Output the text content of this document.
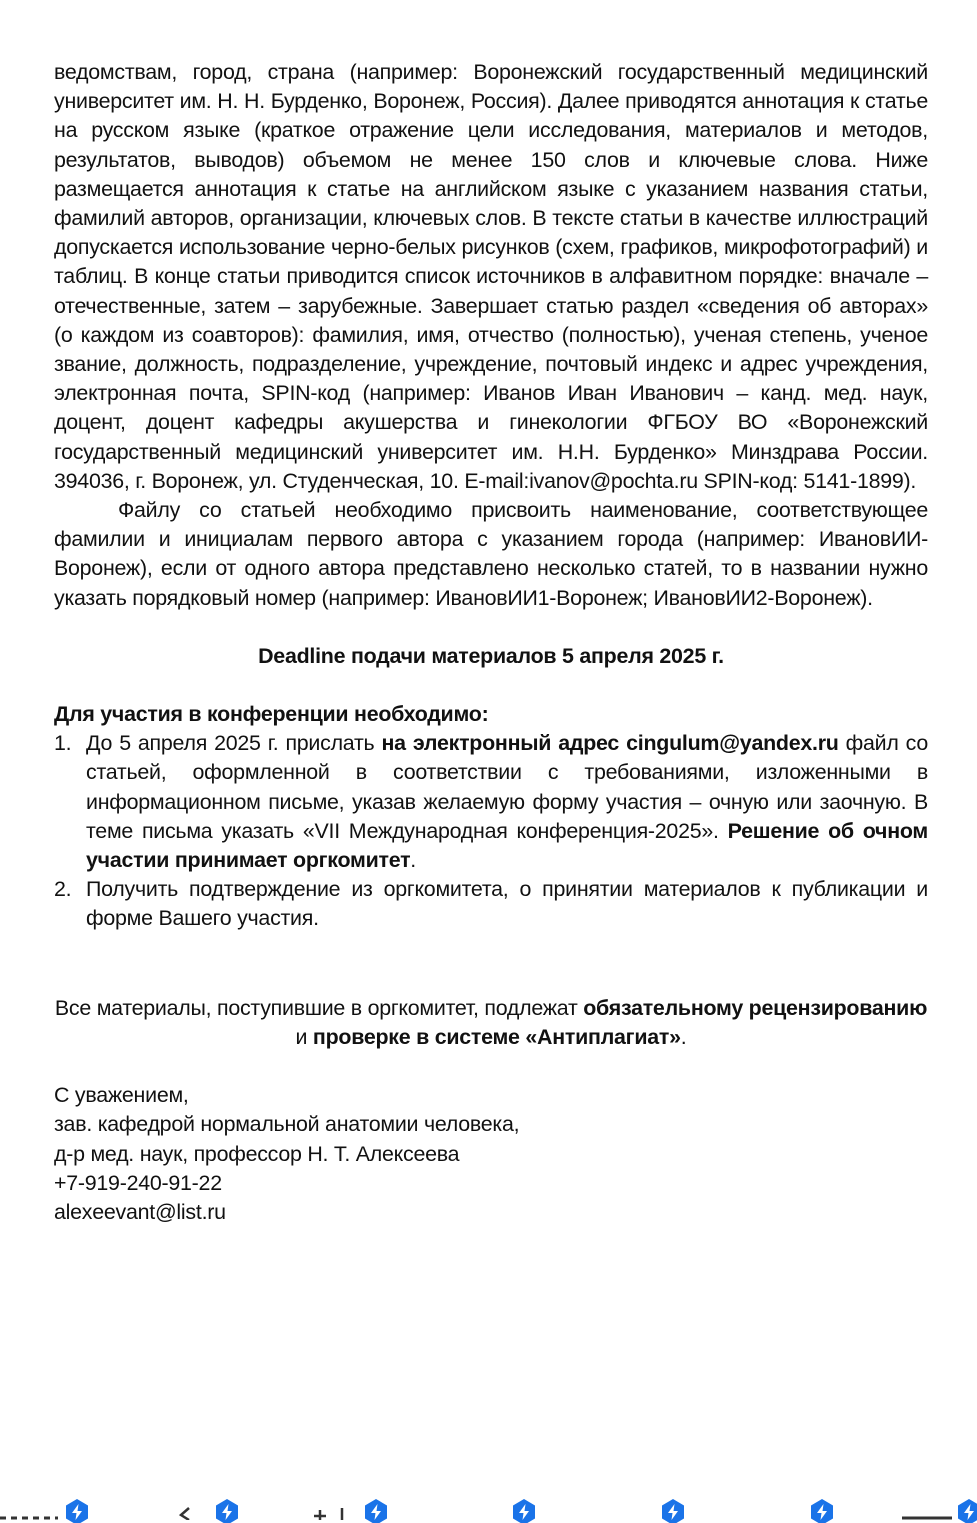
ведомствам, город, страна (например: Воронежский государственный медицинский университет им. Н. Н. Бурденко, Воронеж, Россия). Далее приводятся аннотация к статье на русском языке (краткое отражение цели исследования, материалов и методов, результатов, выводов) объемом не менее 150 слов и ключевые слова. Ниже размещается аннотация к статье на английском языке с указанием названия статьи, фамилий авторов, организации, ключевых слов. В тексте статьи в качестве иллюстраций допускается использование черно-белых рисунков (схем, графиков, микрофотографий) и таблиц. В конце статьи приводится список источников в алфавитном порядке: вначале – отечественные, затем – зарубежные. Завершает статью раздел «сведения об авторах» (о каждом из соавторов): фамилия, имя, отчество (полностью), ученая степень, ученое звание, должность, подразделение, учреждение, почтовый индекс и адрес учреждения, электронная почта, SPIN-код (например: Иванов Иван Иванович – канд. мед. наук, доцент, доцент кафедры акушерства и гинекологии ФГБОУ ВО «Воронежский государственный медицинский университет им. Н.Н. Бурденко» Минздрава России. 394036, г. Воронеж, ул. Студенческая, 10. E-mail:ivanov@pochta.ru SPIN-код: 5141-1899).

Файлу со статьей необходимо присвоить наименование, соответствующее фамилии и инициалам первого автора с указанием города (например: ИвановИИ-Воронеж), если от одного автора представлено несколько статей, то в названии нужно указать порядковый номер (например: ИвановИИ1-Воронеж; ИвановИИ2-Воронеж).

Deadline подачи материалов 5 апреля 2025 г.

Для участия в конференции необходимо:

1. До 5 апреля 2025 г. прислать на электронный адрес cingulum@yandex.ru файл со статьей, оформленной в соответствии с требованиями, изложенными в информационном письме, указав желаемую форму участия – очную или заочную. В теме письма указать «VII Международная конференция-2025». Решение об очном участии принимает оргкомитет.
2. Получить подтверждение из оргкомитета, о принятии материалов к публикации и форме Вашего участия.

Все материалы, поступившие в оргкомитет, подлежат обязательному рецензированию и проверке в системе «Антиплагиат».

С уважением,
зав. кафедрой нормальной анатомии человека,
д-р мед. наук, профессор Н. Т. Алексеева
+7-919-240-91-22
alexeevant@list.ru
